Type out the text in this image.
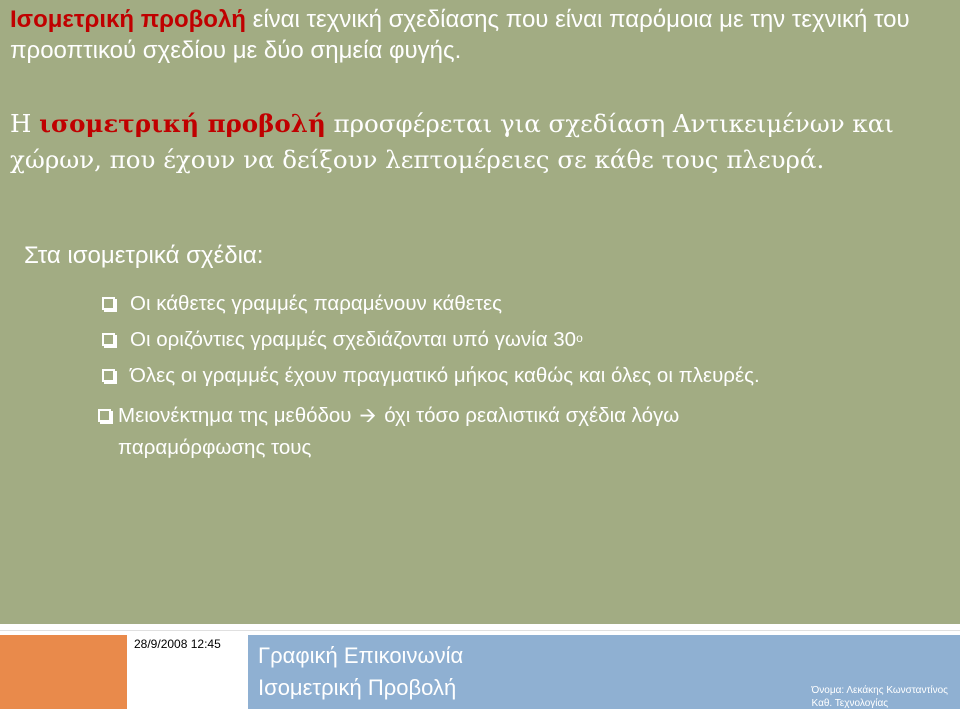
Ισομετρική προβολή είναι τεχνική σχεδίασης που είναι παρόμοια με την τεχνική του προοπτικού σχεδίου με δύο σημεία φυγής.
Η ισομετρική προβολή προσφέρεται για σχεδίαση Αντικειμένων και χώρων, που έχουν να δείξουν λεπτομέρειες σε κάθε τους πλευρά.
Στα ισομετρικά σχέδια:
Οι κάθετες γραμμές παραμένουν κάθετες
Οι οριζόντιες γραμμές σχεδιάζονται υπό γωνία $30^o$
Όλες οι γραμμές έχουν πραγματικό μήκος καθώς και όλες οι πλευρές.
Μειονέκτημα της μεθόδου 🡪 όχι τόσο ρεαλιστικά σχέδια λόγω
παραμόρφωσης τους
28/9/2008 12:45 Γραφική Επικοινωνία
Ισομετρική Προβολή	Όνομα: Λεκάκης Κωνσταντίνος
Καθ. Τεχνολογίας
